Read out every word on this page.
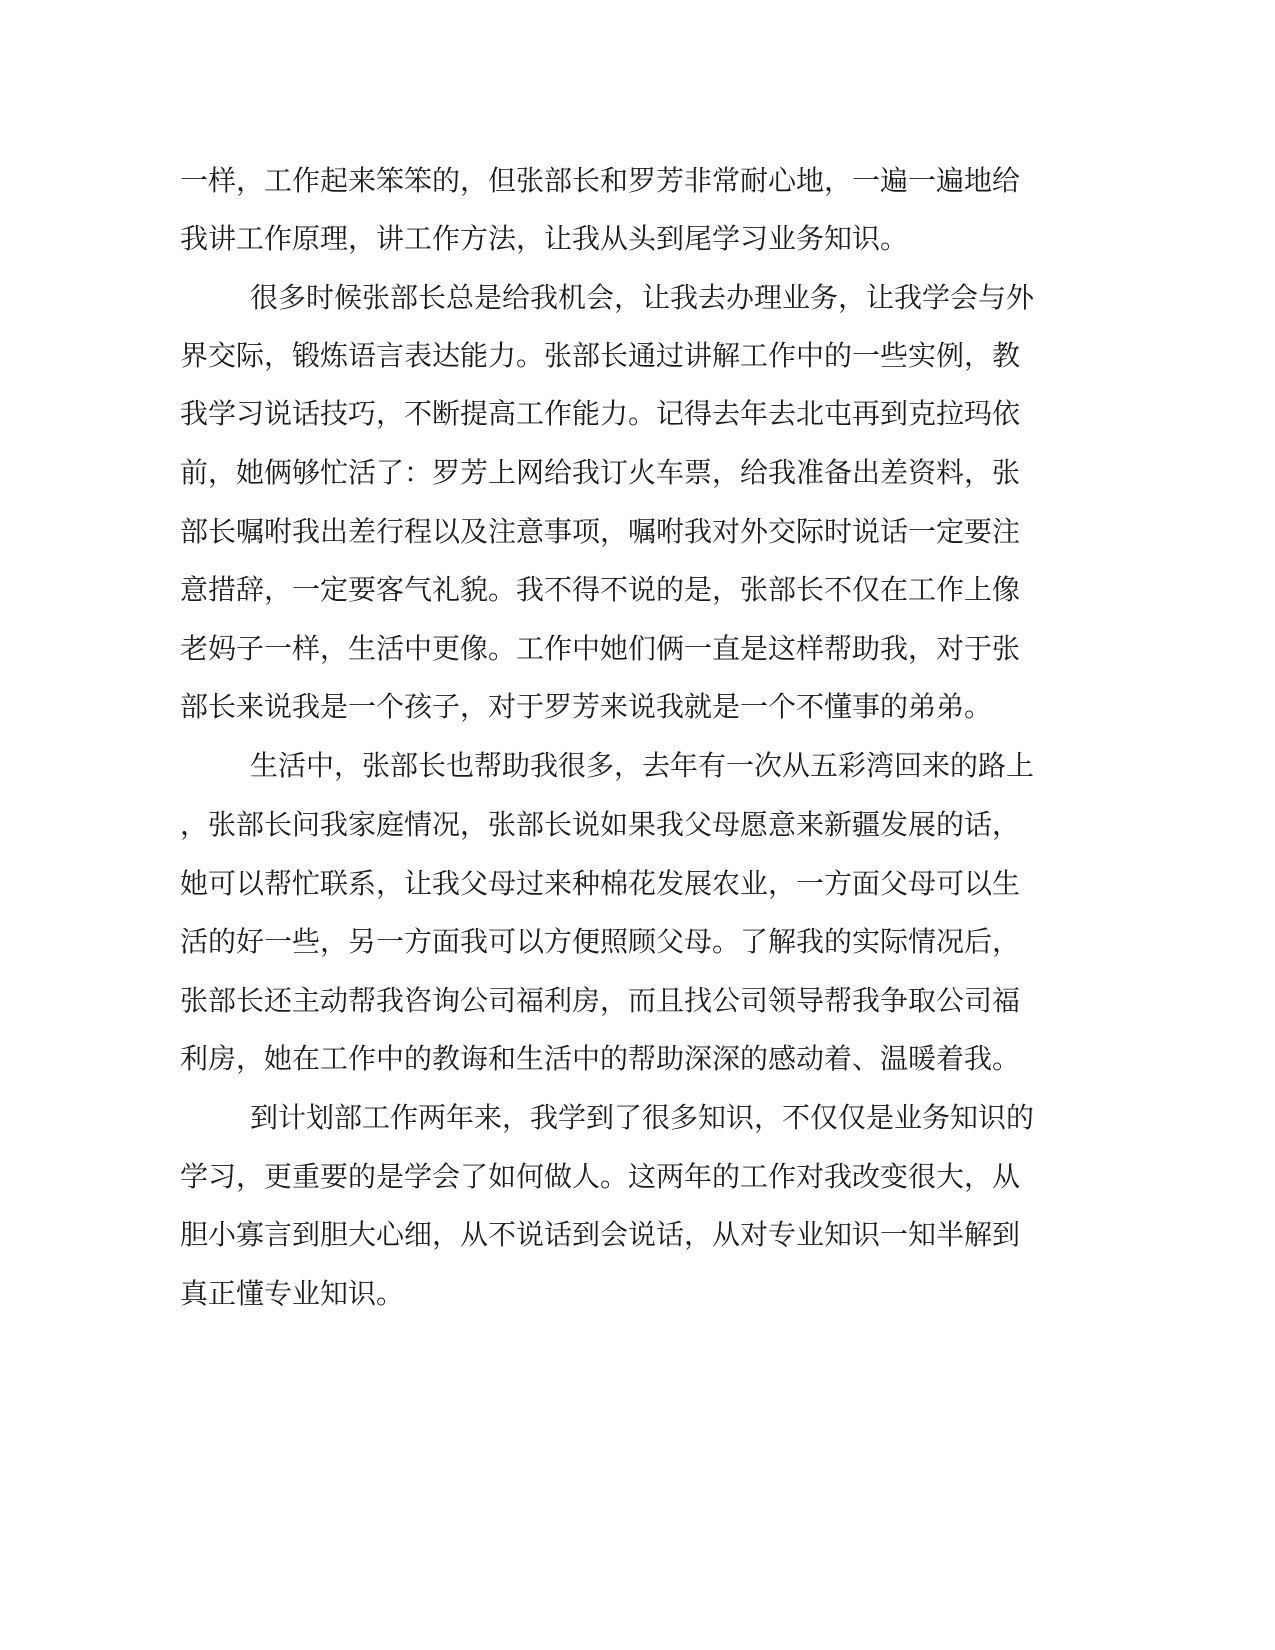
一样，工作起来笨笨的，但张部长和罗芳非常耐心地，一遍一遍地给
我讲工作原理，讲工作方法，让我从头到尾学习业务知识。
很多时候张部长总是给我机会，让我去办理业务，让我学会与外
界交际，锻炼语言表达能力。张部长通过讲解工作中的一些实例，教
我学习说话技巧，不断提高工作能力。记得去年去北屯再到克拉玛依
前，她俩够忙活了：罗芳上网给我订火车票，给我准备出差资料，张
部长嘱咐我出差行程以及注意事项，嘱咐我对外交际时说话一定要注
意措辞，一定要客气礼貌。我不得不说的是，张部长不仅在工作上像
老妈子一样，生活中更像。工作中她们俩一直是这样帮助我，对于张
部长来说我是一个孩子，对于罗芳来说我就是一个不懂事的弟弟。
生活中，张部长也帮助我很多，去年有一次从五彩湾回来的路上
，张部长问我家庭情况，张部长说如果我父母愿意来新疆发展的话，
她可以帮忙联系，让我父母过来种棉花发展农业，一方面父母可以生
活的好一些，另一方面我可以方便照顾父母。了解我的实际情况后，
张部长还主动帮我咨询公司福利房，而且找公司领导帮我争取公司福
利房，她在工作中的教诲和生活中的帮助深深的感动着、温暖着我。
到计划部工作两年来，我学到了很多知识，不仅仅是业务知识的
学习，更重要的是学会了如何做人。这两年的工作对我改变很大，从
胆小寡言到胆大心细，从不说话到会说话，从对专业知识一知半解到
真正懂专业知识。
